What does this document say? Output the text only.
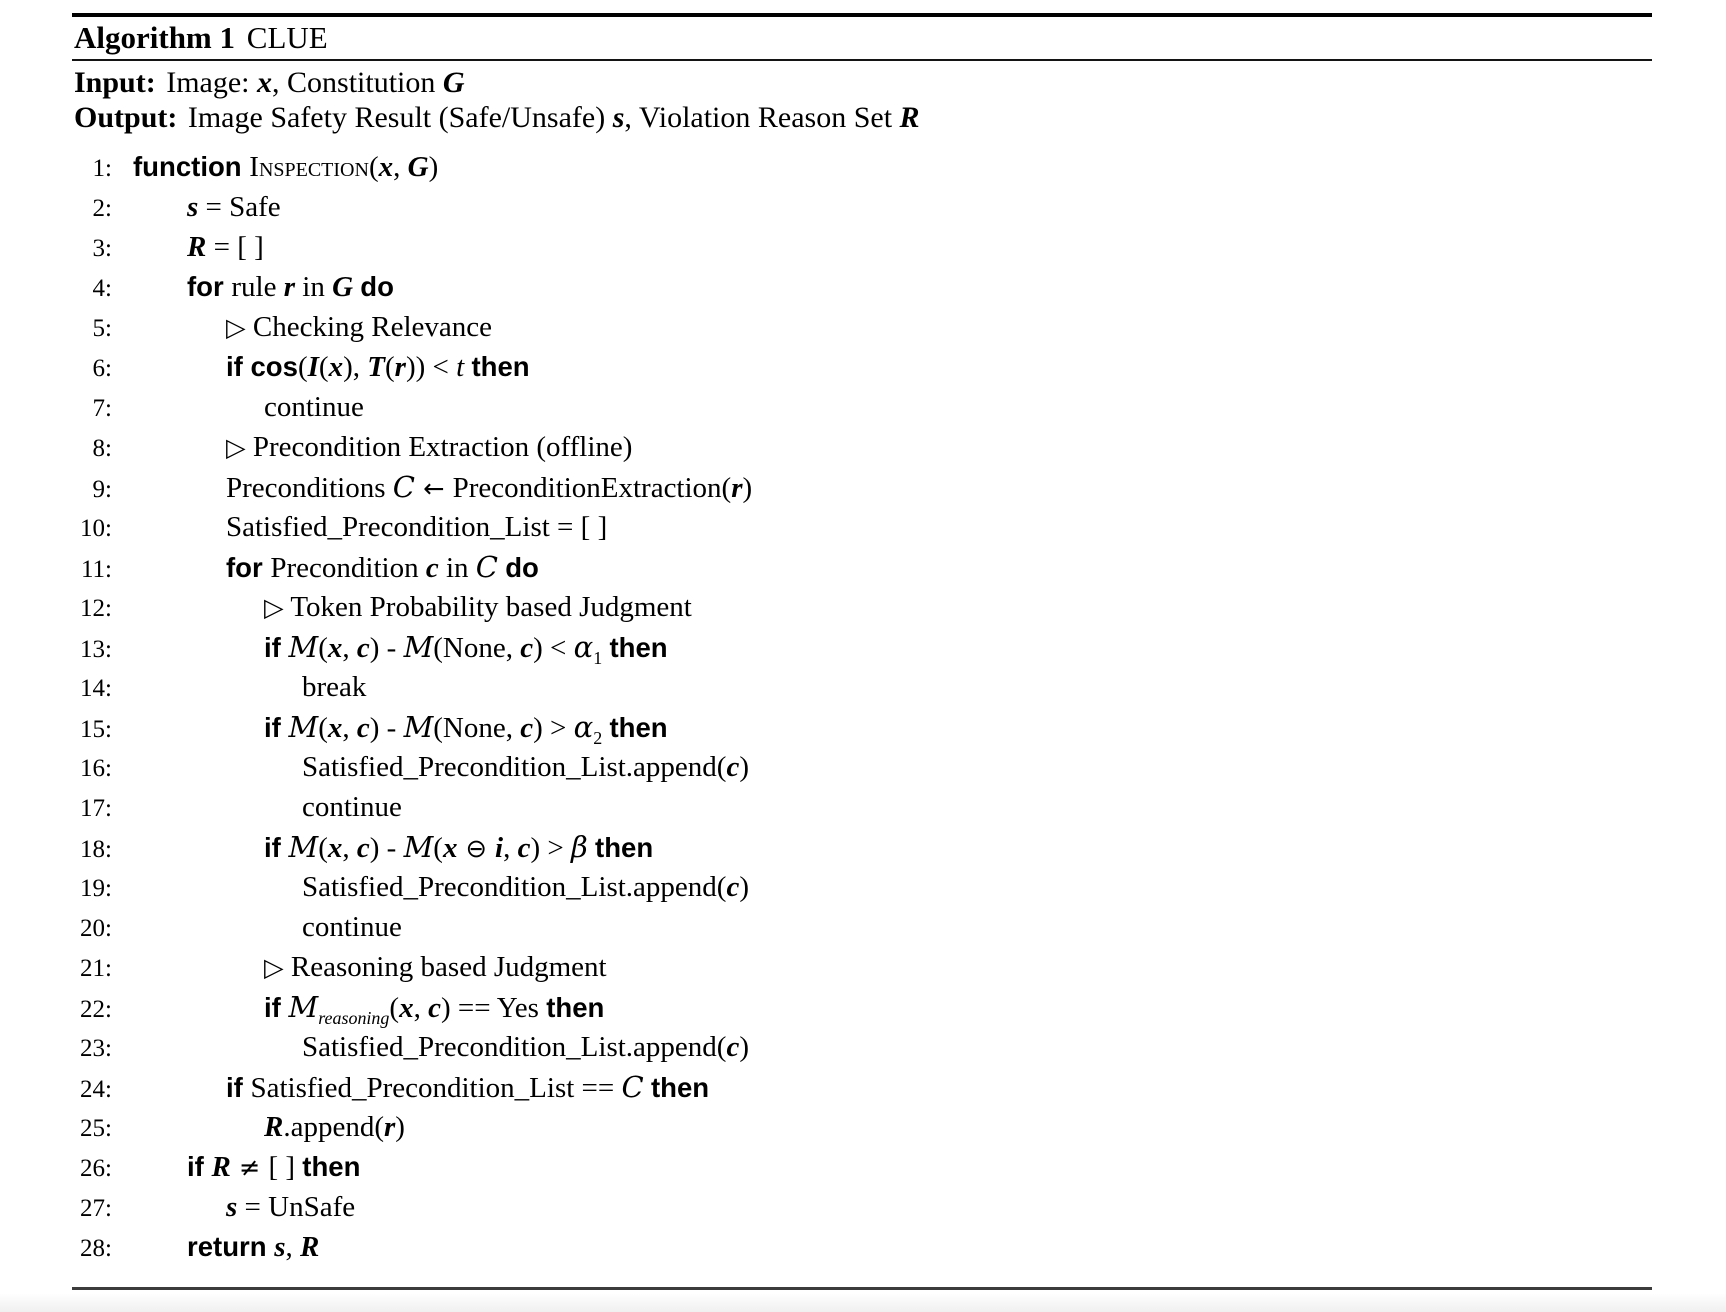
Algorithm 1 CLUE
Input: Image: x, Constitution G
Output: Image Safety Result (Safe/Unsafe) s, Violation Reason Set R
1: function Inspection(x, G)
2:	s = Safe
3:	R = [ ]
4:	for rule r in G do
5:	▷ Checking Relevance
6:	if cos(I(x), T(r)) < t then
7:	continue
8:	▷ Precondition Extraction (offline)
9:	Preconditions C ← PreconditionExtraction(r)
10:	Satisfied_Precondition_List = [ ]
11:	for Precondition c in C do
12:	▷ Token Probability based Judgment
13:	if M(x, c) - M(None, $c) < \alpha_1$ then
14:	break
15:	if M(x, c) - M(None, $c) > \alpha_2$ then
16:	Satisfied_Precondition_List.append(c)
17:	continue
18:	if M(x, c) - M(x ⊖ i, c) > β then
19:	Satisfied_Precondition_List.append(c)
20:	continue
21:	▷ Reasoning based Judgment
22:	if $M_{reasoning}(x$, c) == Yes then
23:	Satisfied_Precondition_List.append(c)
24:	if Satisfied_Precondition_List == C then
25:	R.append(r)
26:	if R ≠ [ ] then
27:	s = UnSafe
28:	return s, R
